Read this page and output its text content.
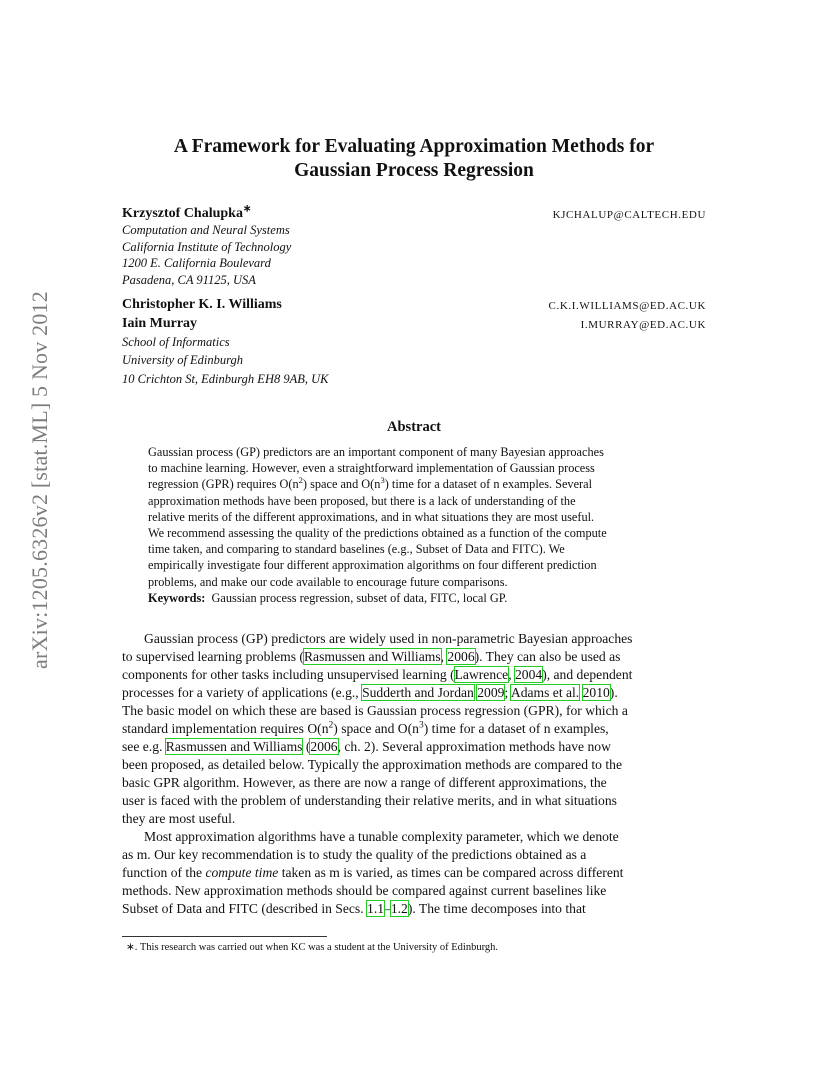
arXiv:1205.6326v2 [stat.ML] 5 Nov 2012
A Framework for Evaluating Approximation Methods for
Gaussian Process Regression
Krzysztof Chalupka∗
KJCHALUP@CALTECH.EDU
Computation and Neural Systems
California Institute of Technology
1200 E. California Boulevard
Pasadena, CA 91125, USA
Christopher K. I. Williams	C.K.I.WILLIAMS@ED.AC.UK
Iain Murray	I.MURRAY@ED.AC.UK
School of Informatics
University of Edinburgh
10 Crichton St, Edinburgh EH8 9AB, UK
Abstract
Gaussian process (GP) predictors are an important component of many Bayesian approaches
to machine learning. However, even a straightforward implementation of Gaussian process
regression (GPR) requires $O(n^2)$ space and $O(n^3)$ time for a dataset of n examples. Several
approximation methods have been proposed, but there is a lack of understanding of the
relative merits of the different approximations, and in what situations they are most useful.
We recommend assessing the quality of the predictions obtained as a function of the compute
time taken, and comparing to standard baselines (e.g., Subset of Data and FITC). We
empirically investigate four different approximation algorithms on four different prediction
problems, and make our code available to encourage future comparisons.
Keywords: Gaussian process regression, subset of data, FITC, local GP.
Gaussian process (GP) predictors are widely used in non-parametric Bayesian approaches
to supervised learning problems (Rasmussen and Williams, 2006). They can also be used as
components for other tasks including unsupervised learning (Lawrence, 2004), and dependent
processes for a variety of applications (e.g., Sudderth and Jordan 2009; Adams et al. 2010).
The basic model on which these are based is Gaussian process regression (GPR), for which a
standard implementation requires $O(n^2)$ space and $O(n^3)$ time for a dataset of n examples,
see e.g. Rasmussen and Williams (2006, ch. 2). Several approximation methods have now
been proposed, as detailed below. Typically the approximation methods are compared to the
basic GPR algorithm. However, as there are now a range of different approximations, the
user is faced with the problem of understanding their relative merits, and in what situations
they are most useful.
Most approximation algorithms have a tunable complexity parameter, which we denote
as m. Our key recommendation is to study the quality of the predictions obtained as a
function of the compute time taken as m is varied, as times can be compared across different
methods. New approximation methods should be compared against current baselines like
Subset of Data and FITC (described in Secs. 1.1–1.2). The time decomposes into that
∗. This research was carried out when KC was a student at the University of Edinburgh.
